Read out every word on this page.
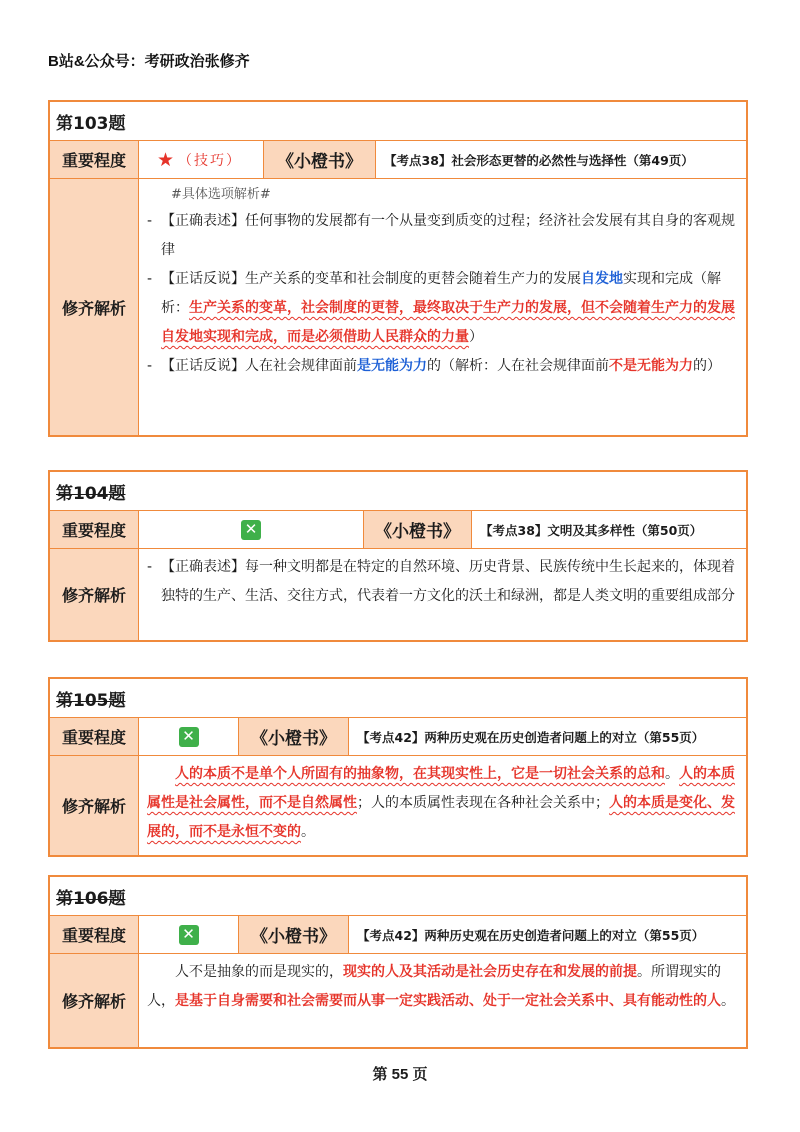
B站&公众号：考研政治张修齐
第103题
重要程度	★ （技巧）	《小橙书》	【考点38】社会形态更替的必然性与选择性（第49页）
修齐解析
#具体选项解析#
- 【正确表述】任何事物的发展都有一个从量变到质变的过程；经济社会发展有其自身的客观规律
- 【正话反说】生产关系的变革和社会制度的更替会随着生产力的发展自发地实现和完成（解析：生产关系的变革，社会制度的更替，最终取决于生产力的发展，但不会随着生产力的发展自发地实现和完成，而是必须借助人民群众的力量）
- 【正话反说】人在社会规律面前是无能为力的（解析：人在社会规律面前不是无能为力的）
第104题
重要程度	✕	《小橙书》	【考点38】文明及其多样性（第50页）
修齐解析
- 【正确表述】每一种文明都是在特定的自然环境、历史背景、民族传统中生长起来的，体现着独特的生产、生活、交往方式，代表着一方文化的沃土和绿洲，都是人类文明的重要组成部分
第105题
重要程度	✕	《小橙书》	【考点42】两种历史观在历史创造者问题上的对立（第55页）
修齐解析
人的本质不是单个人所固有的抽象物，在其现实性上，它是一切社会关系的总和。人的本质属性是社会属性，而不是自然属性；人的本质属性表现在各种社会关系中；人的本质是变化、发展的，而不是永恒不变的。
第106题
重要程度	✕	《小橙书》	【考点42】两种历史观在历史创造者问题上的对立（第55页）
修齐解析
人不是抽象的而是现实的，现实的人及其活动是社会历史存在和发展的前提。所谓现实的人，是基于自身需要和社会需要而从事一定实践活动、处于一定社会关系中、具有能动性的人。
第 55 页
